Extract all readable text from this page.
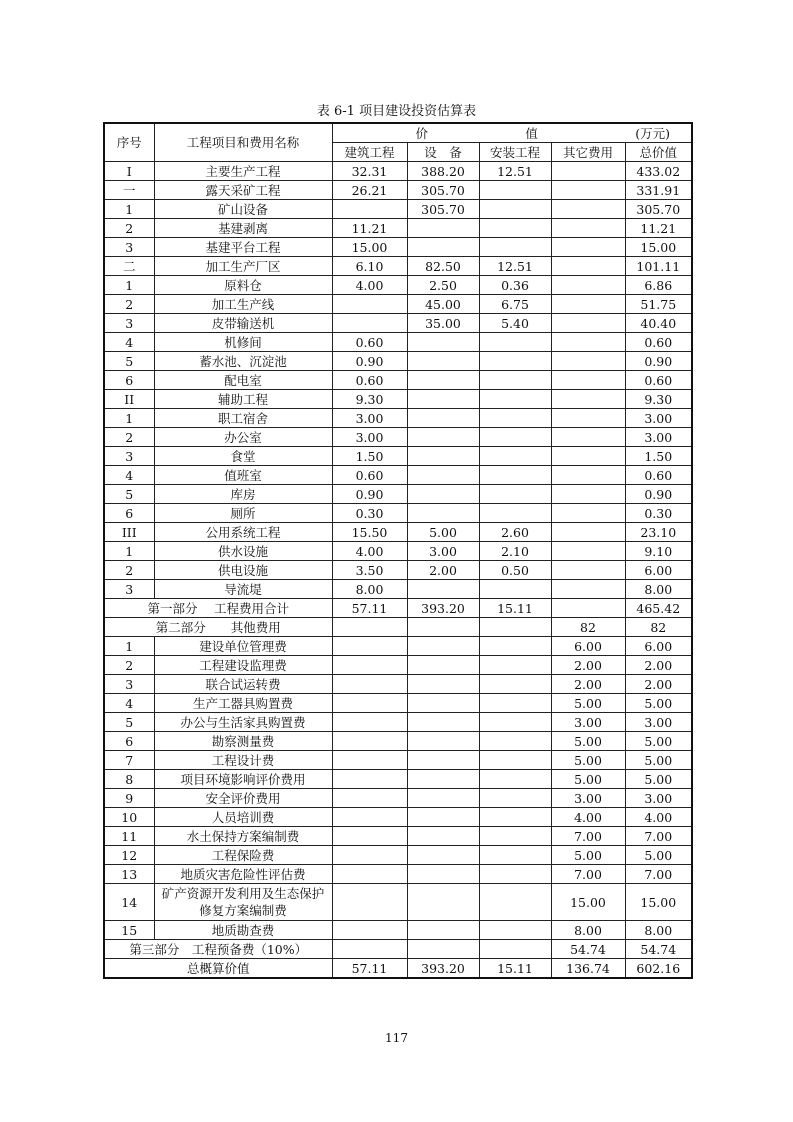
表 6-1 项目建设投资估算表
序号	工程项目和费用名称	价 值 (万元)				

		建筑工程	设　备	安装工程	其它费用	总价值
I	主要生产工程	32.31	388.20	12.51		433.02
一	露天采矿工程	26.21	305.70			331.91
1	矿山设备		305.70			305.70
2	基建剥离	11.21				11.21
3	基建平台工程	15.00				15.00
二	加工生产厂区	6.10	82.50	12.51		101.11
1	原料仓	4.00	2.50	0.36		6.86
2	加工生产线		45.00	6.75		51.75
3	皮带输送机		35.00	5.40		40.40
4	机修间	0.60				0.60
5	蓄水池、沉淀池	0.90				0.90
6	配电室	0.60				0.60
II	辅助工程	9.30				9.30
1	职工宿舍	3.00				3.00
2	办公室	3.00				3.00
3	食堂	1.50				1.50
4	值班室	0.60				0.60
5	库房	0.90				0.90
6	厕所	0.30				0.30
III	公用系统工程	15.50	5.00	2.60		23.10
1	供水设施	4.00	3.00	2.10		9.10
2	供电设施	3.50	2.00	0.50		6.00
3	导流堤	8.00				8.00
第一部分　 工程费用合计		57.11	393.20	15.11		465.42
第二部分　　其他费用					82	82
1	建设单位管理费				6.00	6.00
2	工程建设监理费				2.00	2.00
3	联合试运转费				2.00	2.00
4	生产工器具购置费				5.00	5.00
5	办公与生活家具购置费				3.00	3.00
6	勘察测量费				5.00	5.00
7	工程设计费				5.00	5.00
8	项目环境影响评价费用				5.00	5.00
9	安全评价费用				3.00	3.00
10	人员培训费				4.00	4.00
11	水土保持方案编制费				7.00	7.00
12	工程保险费				5.00	5.00
13	地质灾害危险性评估费				7.00	7.00
14	矿产资源开发利用及生态保护修复方案编制费				15.00	15.00
15	地质勘查费				8.00	8.00
第三部分　工程预备费（10%）					54.74	54.74
总概算价值		57.11	393.20	15.11	136.74	602.16
117
